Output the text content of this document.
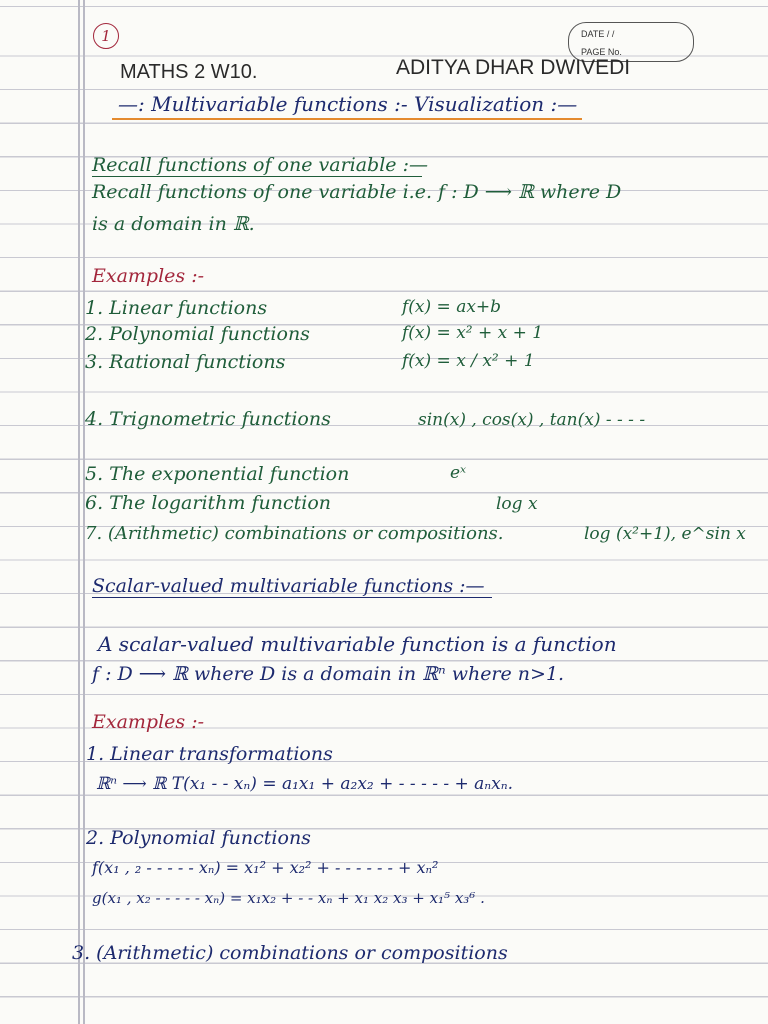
1	DATE / /
PAGE No.
MATHS 2 W10.	ADITYA DHAR DWIVEDI
—: Multivariable functions :- Visualization :—
Recall functions of one variable :—
Recall functions of one variable i.e. f : D ⟶ ℝ where D
is a domain in ℝ.
Examples :-
1. Linear functions	f(x) = ax+b
2. Polynomial functions	f(x) = x² + x + 1
3. Rational functions	f(x) = x / x² + 1
4. Trignometric functions	sin(x) , cos(x) , tan(x) - - - -
5. The exponential function	eˣ
6. The logarithm function	log x
7. (Arithmetic) combinations or compositions.	log (x²+1), e^sin x
Scalar-valued multivariable functions :—
A scalar-valued multivariable function is a function
f : D ⟶ ℝ where D is a domain in ℝⁿ where n>1.
Examples :-
1. Linear transformations
ℝⁿ ⟶ ℝ T(x₁ - - xₙ) = a₁x₁ + a₂x₂ + - - - - - + aₙxₙ.
2. Polynomial functions
f(x₁ , ₂ - - - - - xₙ) = x₁² + x₂² + - - - - - - + xₙ²
g(x₁ , x₂ - - - - - xₙ) = x₁x₂ + - - xₙ + x₁ x₂ x₃ + x₁⁵ x₃⁶ .
3. (Arithmetic) combinations or compositions
